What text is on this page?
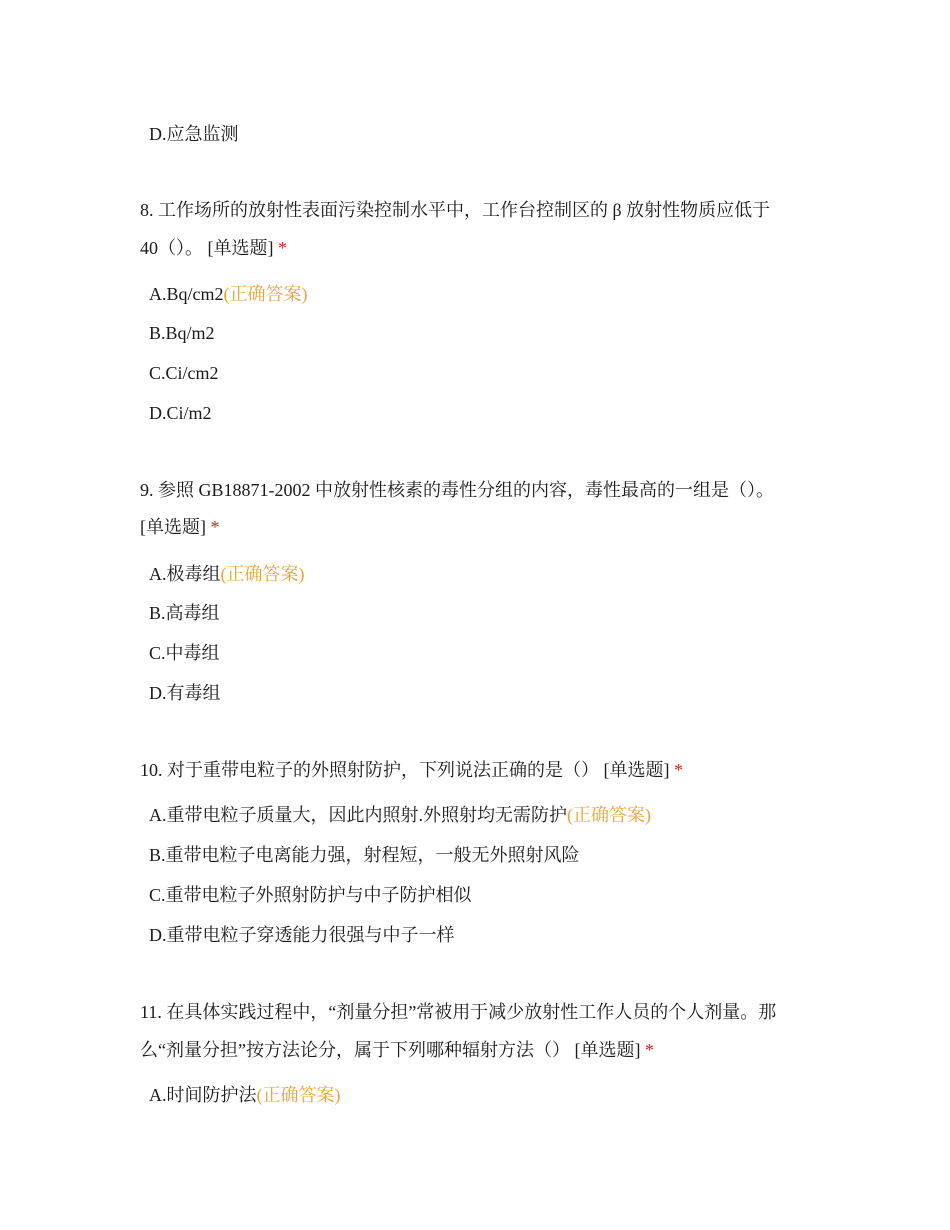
D.应急监测
8. 工作场所的放射性表面污染控制水平中，工作台控制区的 β 放射性物质应低于
40（）。 [单选题] *
A.Bq/cm2(正确答案)
B.Bq/m2
C.Ci/cm2
D.Ci/m2
9. 参照 GB18871-2002 中放射性核素的毒性分组的内容，毒性最高的一组是（）。
[单选题] *
A.极毒组(正确答案)
B.高毒组
C.中毒组
D.有毒组
10. 对于重带电粒子的外照射防护，下列说法正确的是（） [单选题] *
A.重带电粒子质量大，因此内照射.外照射均无需防护(正确答案)
B.重带电粒子电离能力强，射程短，一般无外照射风险
C.重带电粒子外照射防护与中子防护相似
D.重带电粒子穿透能力很强与中子一样
11. 在具体实践过程中，“剂量分担”常被用于减少放射性工作人员的个人剂量。那
么“剂量分担”按方法论分，属于下列哪种辐射方法（） [单选题] *
A.时间防护法(正确答案)
